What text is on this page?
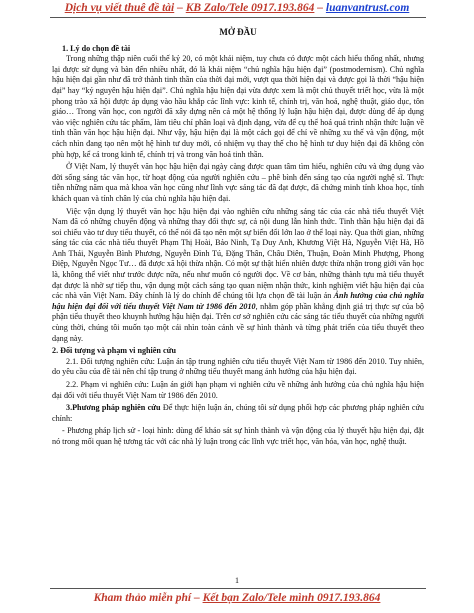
Dịch vụ viết thuê đề tài – KB Zalo/Tele 0917.193.864 – luanvantrust.com
MỞ ĐẦU

1. Lý do chọn đề tài

Trong những thập niên cuối thế kỷ 20, có một khái niệm, tuy chưa có được một cách hiểu thống nhất, nhưng lại được sử dụng và bàn đến nhiều nhất, đó là khái niệm “chủ nghĩa hậu hiện đại” (postmodernism). Chủ nghĩa hậu hiện đại gần như đã trở thành tinh thần của thời đại mới, vượt qua thời hiện đại và được gọi là thời “hậu hiện đại” hay “kỷ nguyên hậu hiện đại”. Chủ nghĩa hậu hiện đại vừa được xem là một chủ thuyết triết học, vừa là một phong trào xã hội được áp dụng vào hầu khắp các lĩnh vực: kinh tế, chính trị, văn hoá, nghệ thuật, giáo dục, tôn giáo… Trong văn học, con người đã xây dựng nên cả một hệ thống lý luận hậu hiện đại, được dùng để áp dụng vào việc nghiên cứu tác phẩm, làm tiêu chí phân loại và định dạng, vừa để cụ thể hoá quá trình nhận thức luận về tinh thần văn học hậu hiện đại. Như vậy, hậu hiện đại là một cách gọi để chỉ về những xu thế và vận động, một cách nhìn đang tạo nên một hệ hình tư duy mới, có nhiệm vụ thay thế cho hệ hình tư duy hiện đại đã không còn phù hợp, kể cả trong kinh tế, chính trị và trong văn hoá tinh thần.

Ở Việt Nam, lý thuyết văn học hậu hiện đại ngày càng được quan tâm tìm hiểu, nghiên cứu và ứng dụng vào đời sống sáng tác văn học, từ hoạt động của người nghiên cứu – phê bình đến sáng tạo của người nghệ sĩ. Thực tiễn những năm qua mà khoa văn học cũng như lĩnh vực sáng tác đã đạt được, đã chứng minh tính khoa học, tính khách quan và tính chân lý của chủ nghĩa hậu hiện đại.

Việc vận dụng lý thuyết văn học hậu hiện đại vào nghiên cứu những sáng tác của các nhà tiểu thuyết Việt Nam đã có những chuyển động và những thay đổi thực sự, cả nội dung lẫn hình thức. Tinh thần hậu hiện đại đã soi chiếu vào tư duy tiểu thuyết, có thể nói đã tạo nên một sự biến đổi lớn lao ở thể loại này. Qua thời gian, những sáng tác của các nhà tiểu thuyết Phạm Thị Hoài, Bảo Ninh, Tạ Duy Anh, Khương Việt Hà, Nguyễn Việt Hà, Hồ Anh Thái, Nguyễn Bình Phương, Nguyễn Đình Tú, Đặng Thân, Châu Diên, Thuận, Đoàn Minh Phượng, Phong Điệp, Nguyễn Ngọc Tư… đã được xã hội thừa nhận. Có một sự thật hiển nhiên được thừa nhận trong giới văn học là, không thể viết như trước được nữa, nếu như muốn có người đọc. Về cơ bản, những thành tựu mà tiểu thuyết đạt được là nhờ sự tiếp thu, vận dụng một cách sáng tạo quan niệm nhận thức, kinh nghiệm viết hậu hiện đại của các nhà văn Việt Nam. Đây chính là lý do chính để chúng tôi lựa chọn đề tài luận án Ảnh hưởng của chủ nghĩa hậu hiện đại đối với tiểu thuyết Việt Nam từ 1986 đến 2010, nhằm góp phần khẳng định giá trị thực sự của bộ phận tiểu thuyết theo khuynh hướng hậu hiện đại. Trên cơ sở nghiên cứu các sáng tác tiểu thuyết của những người cùng thời, chúng tôi muốn tạo một cái nhìn toàn cảnh về sự hình thành và từng phát triển của tiểu thuyết theo dạng này.

2. Đối tượng và phạm vi nghiên cứu

2.1. Đối tượng nghiên cứu: Luận án tập trung nghiên cứu tiểu thuyết Việt Nam từ 1986 đến 2010. Tuy nhiên, do yêu cầu của đề tài nên chỉ tập trung ở những tiểu thuyết mang ảnh hưởng của hậu hiện đại.

2.2. Phạm vi nghiên cứu: Luận án giới hạn phạm vi nghiên cứu về những ảnh hưởng của chủ nghĩa hậu hiện đại đối với tiểu thuyết Việt Nam từ 1986 đến 2010.

3.Phương pháp nghiên cứu Để thực hiện luận án, chúng tôi sử dụng phối hợp các phương pháp nghiên cứu chính:

- Phương pháp lịch sử - loại hình: dùng để khảo sát sự hình thành và vận động của lý thuyết hậu hiện đại, đặt nó trong mối quan hệ tương tác với các nhà lý luận trong các lĩnh vực triết học, văn hóa, văn học, nghệ thuật.

1
Kham thảo miễn phí – Kết bạn Zalo/Tele mình 0917.193.864
